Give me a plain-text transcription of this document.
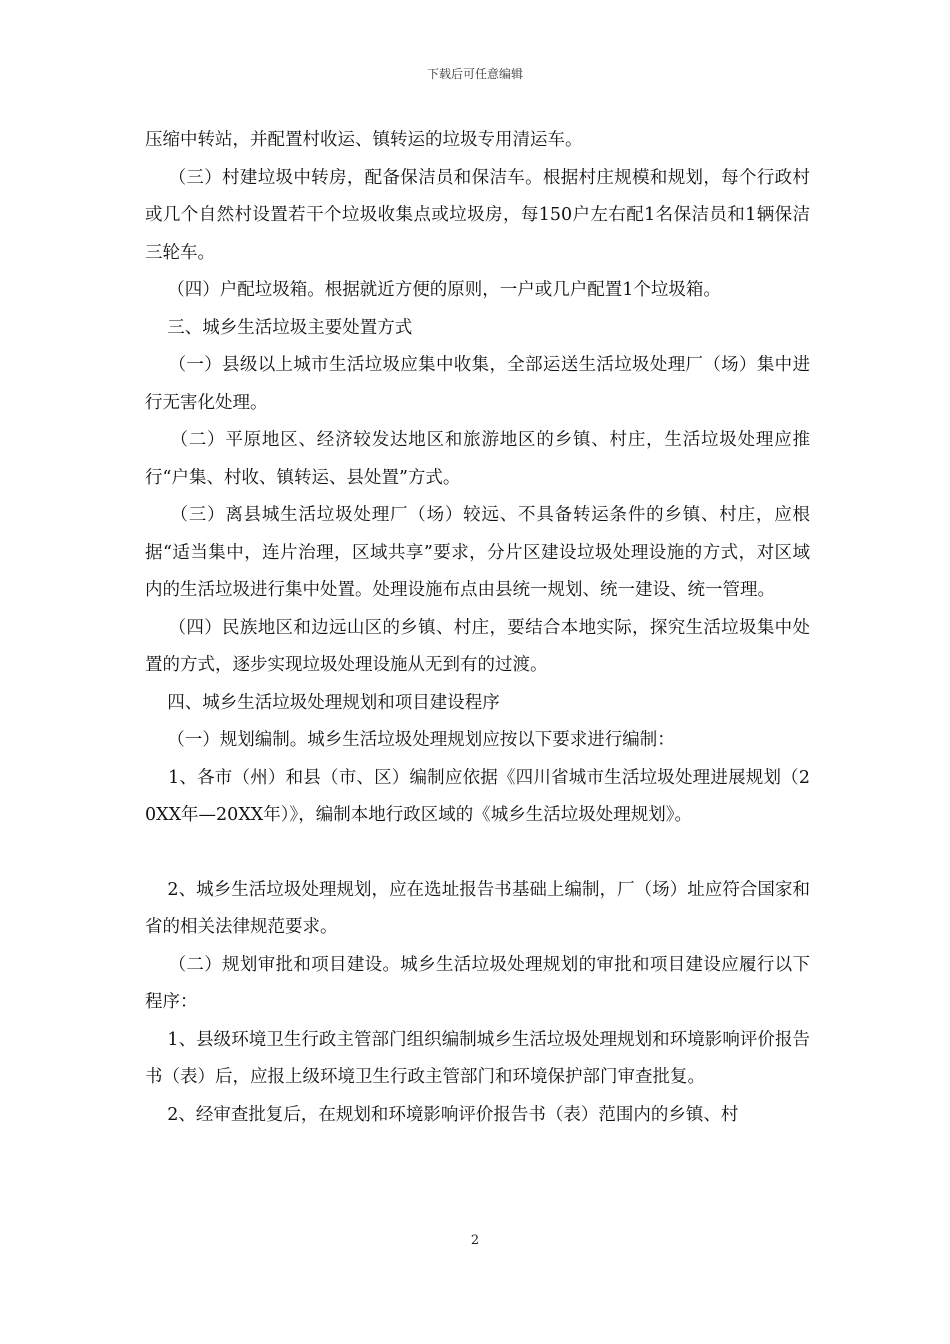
下载后可任意编辑

压缩中转站，并配置村收运、镇转运的垃圾专用清运车。

（三）村建垃圾中转房，配备保洁员和保洁车。根据村庄规模和规划，每个行政村或几个自然村设置若干个垃圾收集点或垃圾房，每150户左右配1名保洁员和1辆保洁三轮车。

（四）户配垃圾箱。根据就近方便的原则，一户或几户配置1个垃圾箱。

三、城乡生活垃圾主要处置方式

（一）县级以上城市生活垃圾应集中收集，全部运送生活垃圾处理厂（场）集中进行无害化处理。

（二）平原地区、经济较发达地区和旅游地区的乡镇、村庄，生活垃圾处理应推行“户集、村收、镇转运、县处置”方式。

（三）离县城生活垃圾处理厂（场）较远、不具备转运条件的乡镇、村庄，应根据“适当集中，连片治理，区域共享”要求，分片区建设垃圾处理设施的方式，对区域内的生活垃圾进行集中处置。处理设施布点由县统一规划、统一建设、统一管理。

（四）民族地区和边远山区的乡镇、村庄，要结合本地实际，探究生活垃圾集中处置的方式，逐步实现垃圾处理设施从无到有的过渡。

四、城乡生活垃圾处理规划和项目建设程序

（一）规划编制。城乡生活垃圾处理规划应按以下要求进行编制：

1、各市（州）和县（市、区）编制应依据《四川省城市生活垃圾处理进展规划（20XX年—20XX年）》，编制本地行政区域的《城乡生活垃圾处理规划》。

2、城乡生活垃圾处理规划，应在选址报告书基础上编制，厂（场）址应符合国家和省的相关法律规范要求。

（二）规划审批和项目建设。城乡生活垃圾处理规划的审批和项目建设应履行以下程序：

1、县级环境卫生行政主管部门组织编制城乡生活垃圾处理规划和环境影响评价报告书（表）后，应报上级环境卫生行政主管部门和环境保护部门审查批复。

2、经审查批复后，在规划和环境影响评价报告书（表）范围内的乡镇、村

2
